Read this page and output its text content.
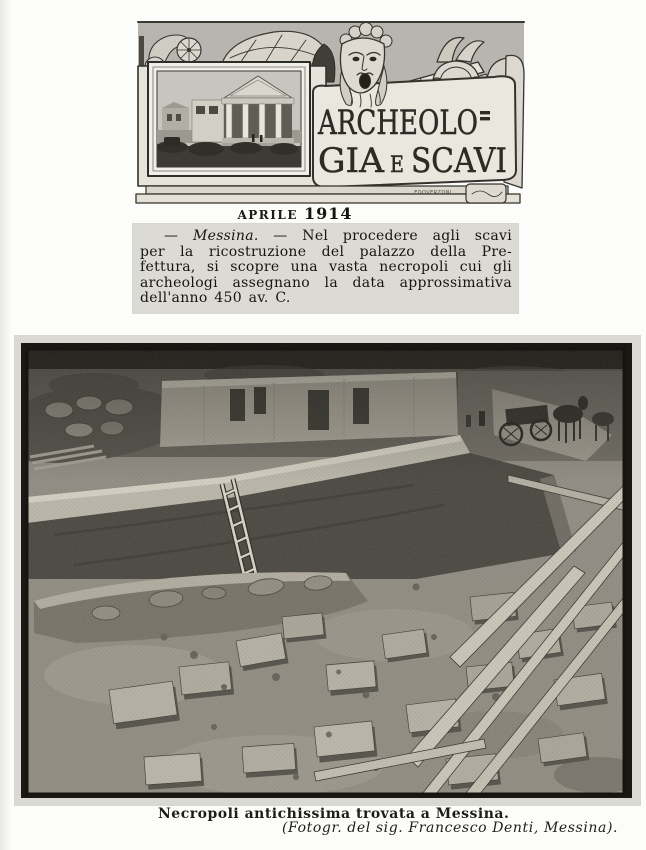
ARCHEOLO
GIA E SCAVI
EDOVERZONI
APRILE 1914
— Messina. — Nel procedere agli scavi
per la ricostruzione del palazzo della Pre-
fettura, si scopre una vasta necropoli cui gli
archeologi assegnano la data approssimativa
dell'anno 450 av. C.
Necropoli antichissima trovata a Messina.
(Fotogr. del sig. Francesco Denti, Messina).
